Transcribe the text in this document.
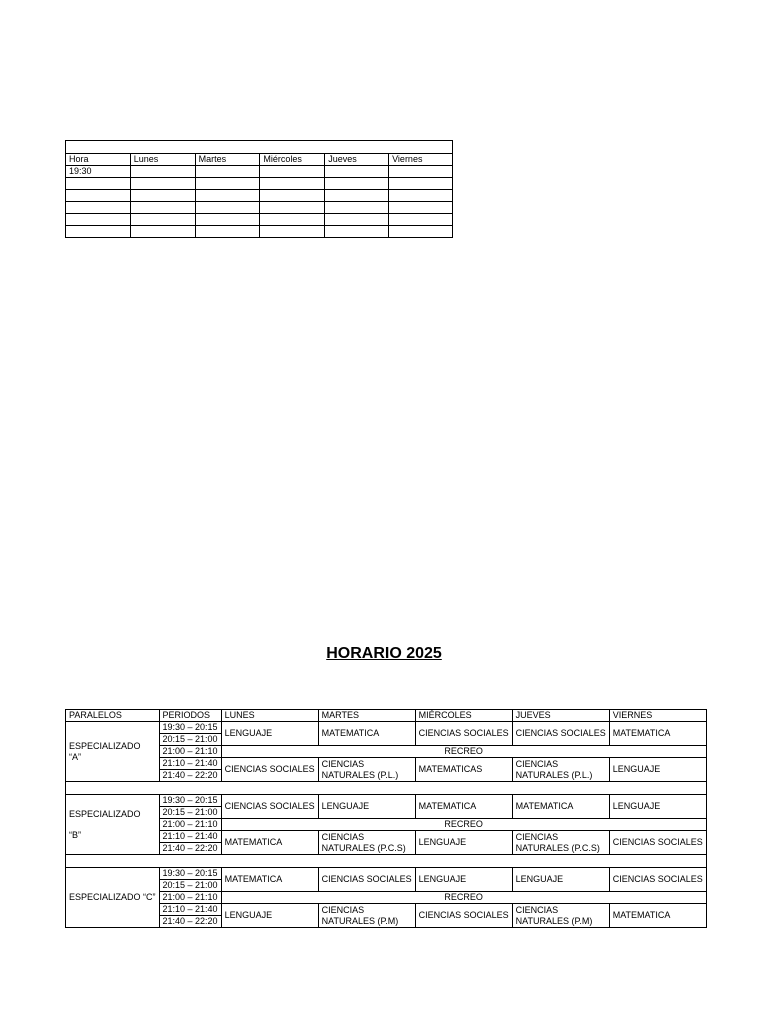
Hora	Lunes	Martes	Miércoles	Jueves	Viernes
19:30					

HORARIO 2025
PARALELOS	PERIODOS	LUNES	MARTES	MIÉRCOLES	JUEVES	VIERNES

ESPECIALIZADO
“A”	19:30 – 20:15	LENGUAJE	MATEMATICA	CIENCIAS SOCIALES	CIENCIAS SOCIALES	MATEMATICA
	20:15 – 21:00					
	21:00 – 21:10	RECREO				
	21:10 – 21:40	CIENCIAS SOCIALES	CIENCIAS NATURALES (P.L.)	MATEMATICAS	CIENCIAS NATURALES (P.L.)	LENGUAJE
	21:40 – 22:20					

ESPECIALIZADO
“B”	19:30 – 20:15	CIENCIAS SOCIALES	LENGUAJE	MATEMATICA	MATEMATICA	LENGUAJE
	20:15 – 21:00					
	21:00 – 21:10	RECREO				
	21:10 – 21:40	MATEMATICA	CIENCIAS NATURALES (P.C.S)	LENGUAJE	CIENCIAS NATURALES (P.C.S)	CIENCIAS SOCIALES
	21:40 – 22:20					

ESPECIALIZADO “C”	19:30 – 20:15	MATEMATICA	CIENCIAS SOCIALES	LENGUAJE	LENGUAJE	CIENCIAS SOCIALES
	20:15 – 21:00					
	21:00 – 21:10	RECREO				
	21:10 – 21:40	LENGUAJE	CIENCIAS NATURALES (P.M)	CIENCIAS SOCIALES	CIENCIAS NATURALES (P.M)	MATEMATICA
	21:40 – 22:20					
